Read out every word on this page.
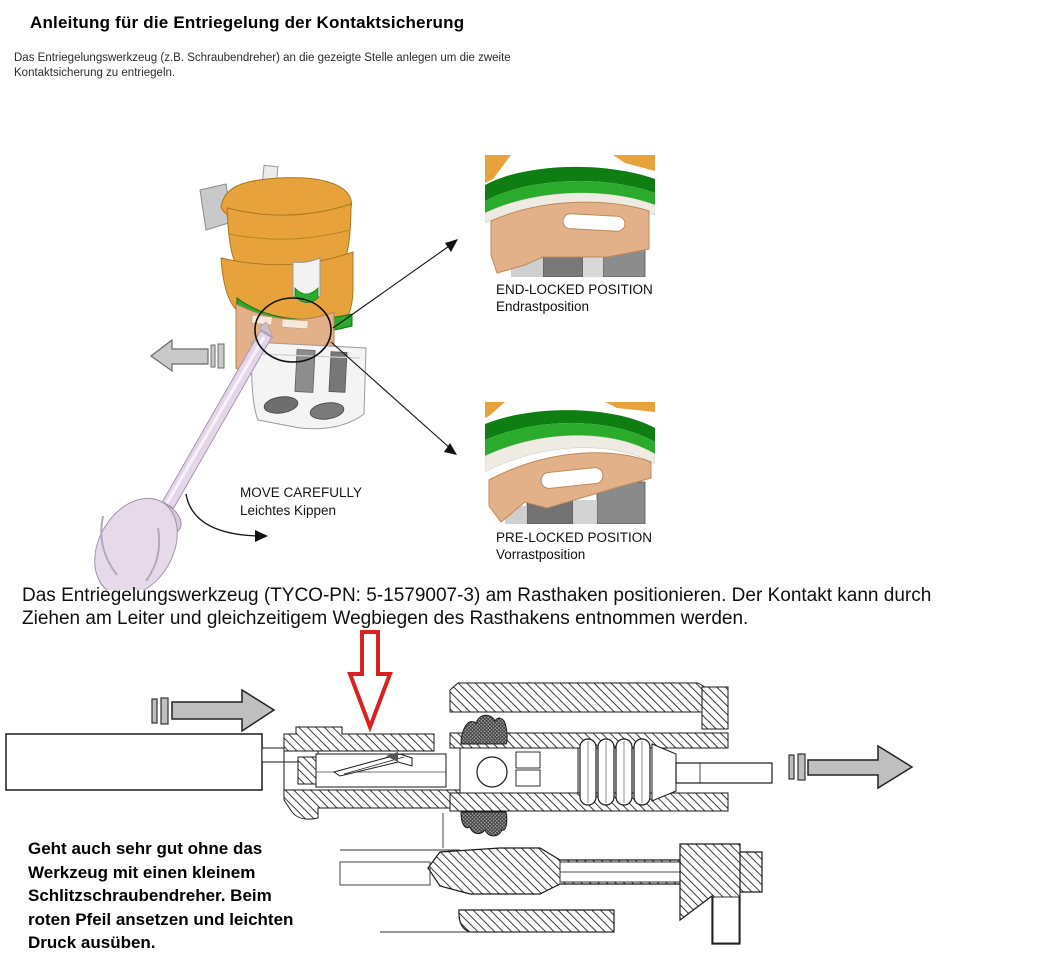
Anleitung für die Entriegelung der Kontaktsicherung
Das Entriegelungswerkzeug (z.B. Schraubendreher) an die gezeigte Stelle anlegen um die zweite
Kontaktsicherung zu entriegeln.
END-LOCKED POSITION
Endrastposition
PRE-LOCKED POSITION
Vorrastposition
MOVE CAREFULLY
Leichtes Kippen
Das Entriegelungswerkzeug (TYCO-PN: 5-1579007-3) am Rasthaken positionieren. Der Kontakt kann durch
Ziehen am Leiter und gleichzeitigem Wegbiegen des Rasthakens entnommen werden.
Geht auch sehr gut ohne das
Werkzeug mit einen kleinem
Schlitzschraubendreher. Beim
roten Pfeil ansetzen und leichten
Druck ausüben.
